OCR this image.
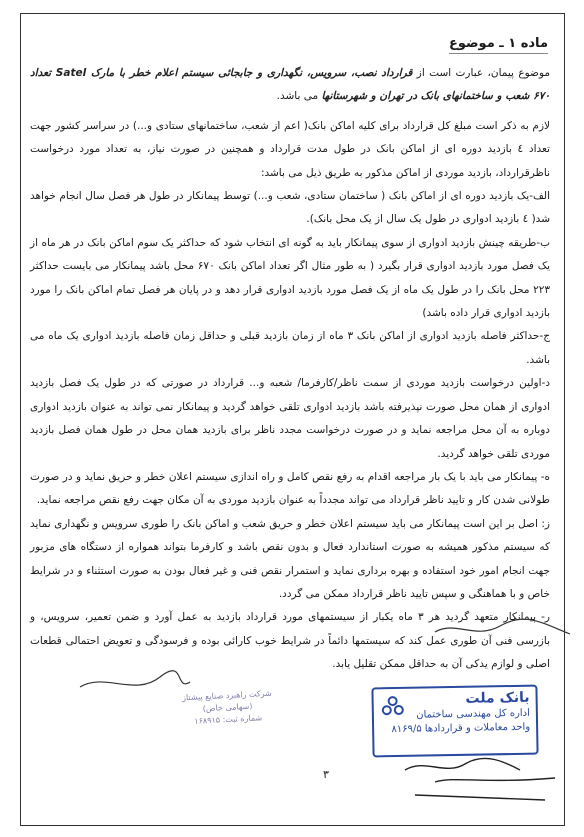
ماده ۱ ـ موضوع

موضوع پیمان، عبارت است از قرارداد نصب، سرویس، نگهداری و جابجائی سیستم اعلام خطر با مارک Satel تعداد ۶۷۰ شعب و ساختمانهای بانک در تهران و شهرستانها می باشد.

لازم به ذکر است مبلغ کل قرارداد برای کلیه اماکن بانک( اعم از شعب، ساختمانهای ستادی و...) در سراسر کشور جهت تعداد ٤ بازدید دوره ای از اماکن بانک در طول مدت قرارداد و همچنین در صورت نیاز، به تعداد مورد درخواست ناظرقرارداد، بازدید موردی از اماکن مذکور به طریق ذیل می باشد:

الف-یک بازدید دوره ای از اماکن بانک ( ساختمان ستادی، شعب و...) توسط پیمانکار در طول هر فصل سال انجام خواهد شد( ٤ بازدید ادواری در طول یک سال از یک محل بانک).

ب-طریقه چینش بازدید ادواری از سوی پیمانکار باید به گونه ای انتخاب شود که حداکثر یک سوم اماکن بانک در هر ماه از یک فصل مورد بازدید ادواری قرار بگیرد ( به طور مثال اگر تعداد اماکن بانک ۶۷۰ محل باشد پیمانکار می بایست حداکثر ۲۲۳ محل بانک را در طول یک ماه از یک فصل مورد بازدید ادواری قرار دهد و در پایان هر فصل تمام اماکن بانک را مورد بازدید ادواری قرار داده باشد)

ج-حداکثر فاصله بازدید ادواری از اماکن بانک ۳ ماه از زمان بازدید قبلی و حداقل زمان فاصله بازدید ادواری یک ماه می باشد.

د-اولین درخواست بازدید موردی از سمت ناظر/کارفرما/ شعبه و... قرارداد در صورتی که در طول یک فصل بازدید ادواری از همان محل صورت نپذیرفته باشد بازدید ادواری تلقی خواهد گردید و پیمانکار نمی تواند به عنوان بازدید ادواری دوباره به آن محل مراجعه نماید و در صورت درخواست مجدد ناظر برای بازدید همان محل در طول همان فصل بازدید موردی تلقی خواهد گردید.

ه- پیمانکار می باید با یک بار مراجعه اقدام به رفع نقص کامل و راه اندازی سیستم اعلان خطر و حریق نماید و در صورت طولانی شدن کار و تایید ناظر قرارداد می تواند مجدداً به عنوان بازدید موردی به آن مکان جهت رفع نقص مراجعه نماید.

ز: اصل بر این است پیمانکار می باید سیستم اعلان خطر و حریق شعب و اماکن بانک را طوری سرویس و نگهداری نماید که سیستم مذکور همیشه به صورت استاندارد فعال و بدون نقص باشد و کارفرما بتواند همواره از دستگاه های مزبور جهت انجام امور خود استفاده و بهره برداری نماید و استمرار نقص فنی و غیر فعال بودن به صورت استثناء و در شرایط خاص و با هماهنگی و سپس تایید ناظر قرارداد ممکن می گردد.

ر- پیمانکار متعهد گردید هر ۳ ماه یکبار از سیستمهای مورد قرارداد بازدید به عمل آورد و ضمن تعمیر، سرویس، و بازرسی فنی آن طوری عمل کند که سیستمها دائماً در شرایط خوب کارائی بوده و فرسودگی و تعویض احتمالی قطعات اصلی و لوازم یدکی آن به حداقل ممکن تقلیل یابد.

بانک ملت
اداره کل مهندسی ساختمان
واحد معاملات و قراردادها ۸۱۶۹/۵
شرکت راهبرد صنایع پیشتاز
(سهامی خاص)
شماره ثبت: ۱۶۸۹۱۵
۳
